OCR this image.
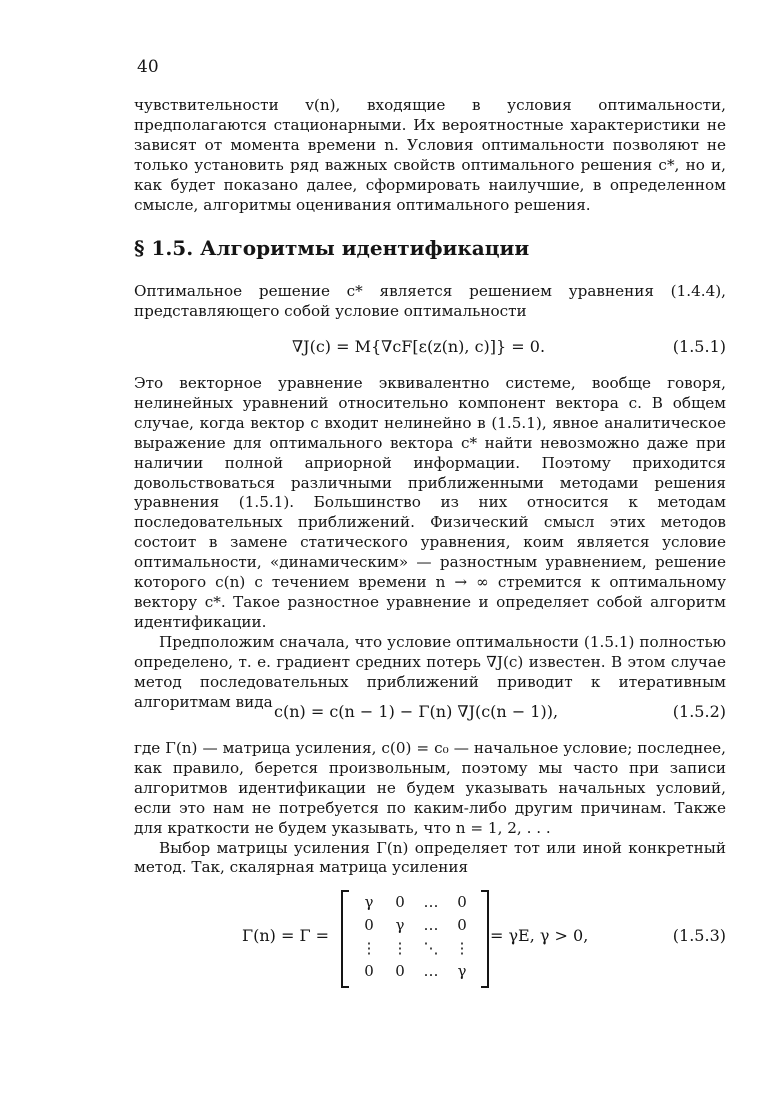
40

чувствительности v(n), входящие в условия оптимальности, предполагаются стационарными. Их вероятностные характеристики не зависят от момента времени n. Условия оптимальности позволяют не только установить ряд важных свойств оптимального решения c*, но и, как будет показано далее, сформировать наилучшие, в определенном смысле, алгоритмы оценивания оптимального решения.

§ 1.5. Алгоритмы идентификации

Оптимальное решение c* является решением уравнения (1.4.4), представляющего собой условие оптимальности

∇J(c) = M{∇cF[ε(z(n), c)]} = 0.	(1.5.1)

Это векторное уравнение эквивалентно системе, вообще говоря, нелинейных уравнений относительно компонент вектора c. В общем случае, когда вектор c входит нелинейно в (1.5.1), явное аналитическое выражение для оптимального вектора c* найти невозможно даже при наличии полной априорной информации. Поэтому приходится довольствоваться различными приближенными методами решения уравнения (1.5.1). Большинство из них относится к методам последовательных приближений. Физический смысл этих методов состоит в замене статического уравнения, коим является условие оптимальности, «динамическим» — разностным уравнением, решение которого c(n) с течением времени n → ∞ стремится к оптимальному вектору c*. Такое разностное уравнение и определяет собой алгоритм идентификации.

Предположим сначала, что условие оптимальности (1.5.1) полностью определено, т. е. градиент средних потерь ∇J(c) известен. В этом случае метод последовательных приближений приводит к итеративным алгоритмам вида

c(n) = c(n − 1) − Γ(n) ∇J(c(n − 1)),	(1.5.2)

где Γ(n) — матрица усиления, c(0) = c₀ — начальное условие; последнее, как правило, берется произвольным, поэтому мы часто при записи алгоритмов идентификации не будем указывать начальных условий, если это нам не потребуется по каким-либо другим причинам. Также для краткости не будем указывать, что n = 1, 2, . . .

Выбор матрицы усиления Γ(n) определяет тот или иной конкретный метод. Так, скалярная матрица усиления

Γ(n) = Γ =
γ	0	…	0
0	γ	…	0
⋮	⋮	⋱	⋮
0	0	…	γ
= γE, γ > 0,	(1.5.3)
